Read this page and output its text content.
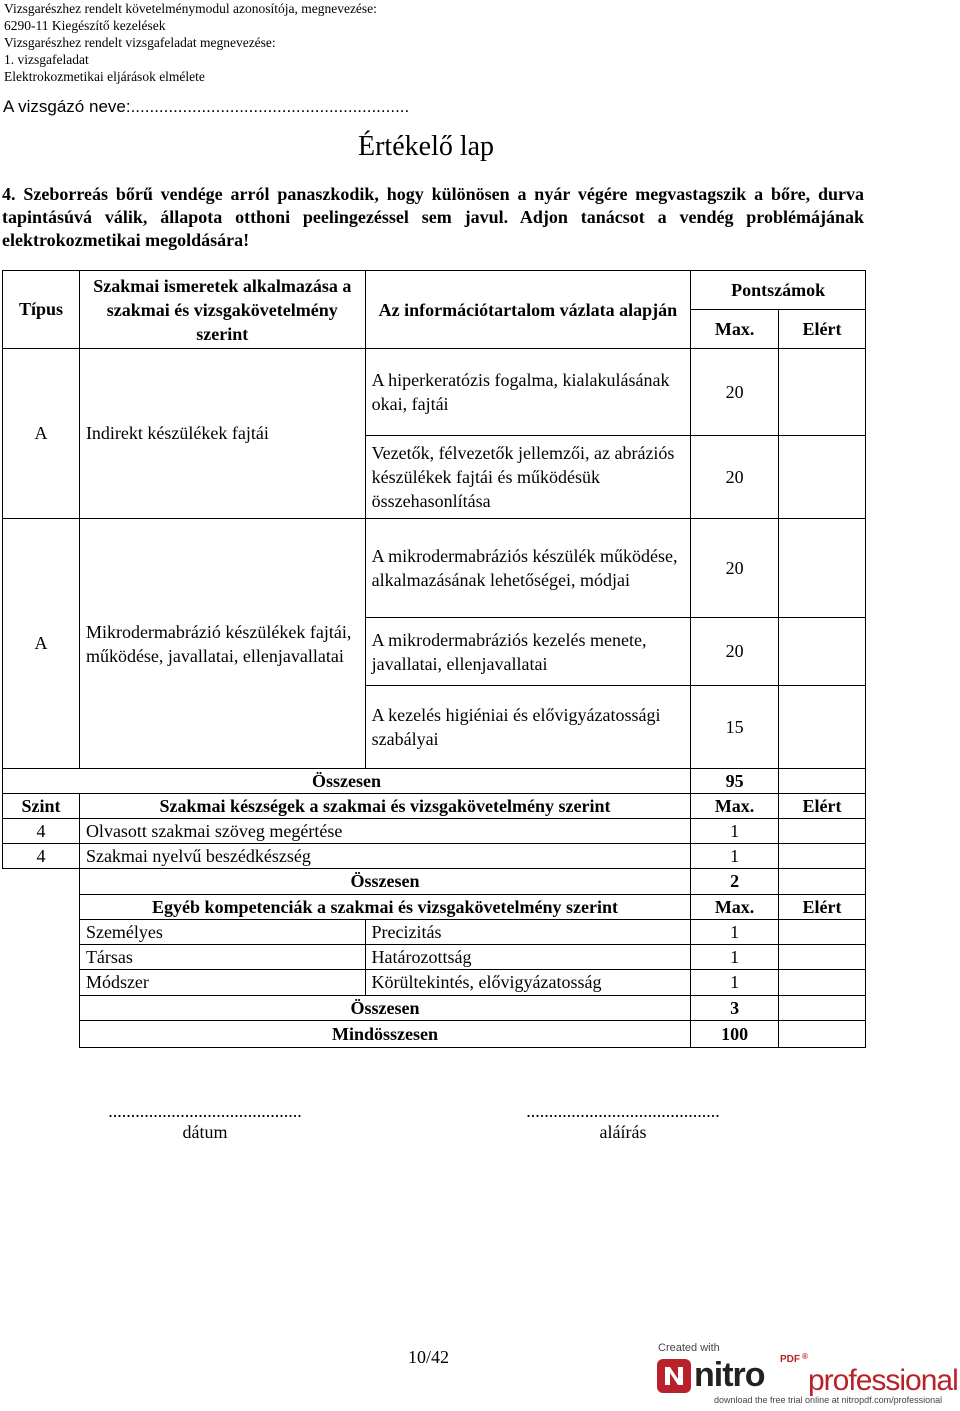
Vizsgarészhez rendelt követelménymodul azonosítója, megnevezése:
6290-11 Kiegészítő kezelések
Vizsgarészhez rendelt vizsgafeladat megnevezése:
1. vizsgafeladat
Elektrokozmetikai eljárások elmélete
A vizsgázó neve:...........................................................
Értékelő lap
4. Szeborreás bőrű vendége arról panaszkodik, hogy különösen a nyár végére megvastagszik a bőre, durva tapintásúvá válik, állapota otthoni peelingezéssel sem javul. Adjon tanácsot a vendég problémájának elektrokozmetikai megoldására!
Típus	Szakmai ismeretek alkalmazása a szakmai és vizsgakövetelmény szerint	Az információtartalom vázlata alapján	Pontszámok	
			Max.	Elért
A	Indirekt készülékek fajtái	A hiperkeratózis fogalma, kialakulásának okai, fajtái	20	
		Vezetők, félvezetők jellemzői, az abráziós készülékek fajtái és működésük összehasonlítása	20	
A	Mikrodermabrázió készülékek fajtái, működése, javallatai, ellenjavallatai	A mikrodermabráziós készülék működése, alkalmazásának lehetőségei, módjai	20	
		A mikrodermabráziós kezelés menete, javallatai, ellenjavallatai	20	
		A kezelés higiéniai és elővigyázatossági szabályai	15	
Összesen			95	
Szint	Szakmai készségek a szakmai és vizsgakövetelmény szerint		Max.	Elért
4	Olvasott szakmai szöveg megértése		1	
4	Szakmai nyelvű beszédkészség		1	
	Összesen		2	
	Egyéb kompetenciák a szakmai és vizsgakövetelmény szerint		Max.	Elért
	Személyes	Precizitás	1	
	Társas	Határozottság	1	
	Módszer	Körültekintés, elővigyázatosság	1	
	Összesen		3	
	Mindösszesen		100	
...........................................
dátum
...........................................
aláírás
10/42	Created with
nitro professional
PDF ®
download the free trial online at nitropdf.com/professional
